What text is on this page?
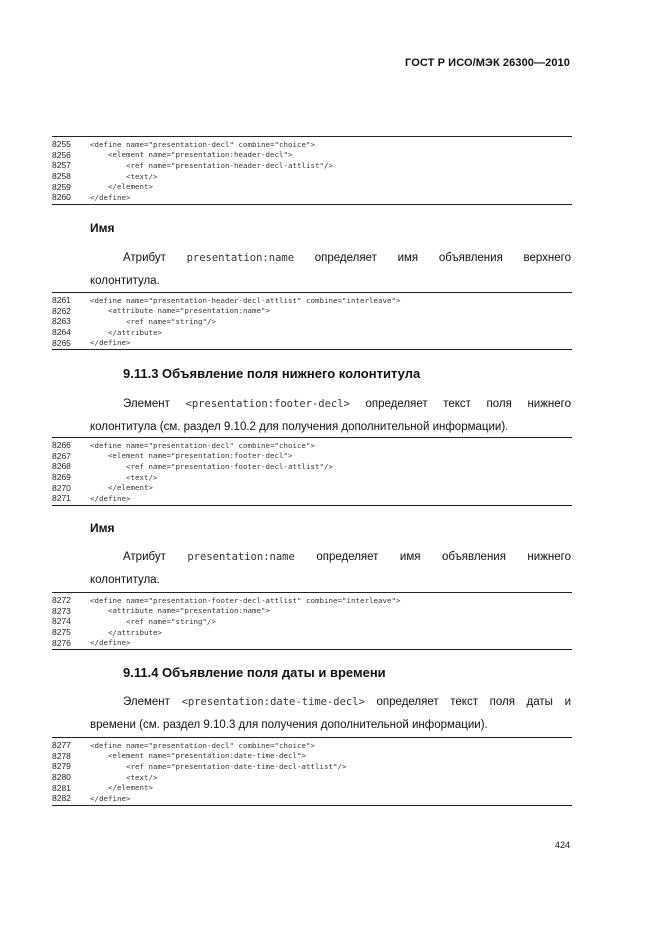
ГОСТ Р ИСО/МЭК 26300—2010
8255	<define name="presentation-decl" combine="choice">
8256	<element name="presentation:header-decl">
8257	<ref name="presentation-header-decl-attlist"/>
8258	<text/>
8259	</element>
8260	</define>
Имя
Атрибут presentation:name определяет имя объявления верхнего
колонтитула.
8261	<define name="presentation-header-decl-attlist" combine="interleave">
8262	<attribute name="presentation:name">
8263	<ref name="string"/>
8264	</attribute>
8265	</define>
9.11.3 Объявление поля нижнего колонтитула
Элемент <presentation:footer-decl> определяет текст поля нижнего
колонтитула (см. раздел 9.10.2 для получения дополнительной информации).
8266	<define name="presentation-decl" combine="choice">
8267	<element name="presentation:footer-decl">
8268	<ref name="presentation-footer-decl-attlist"/>
8269	<text/>
8270	</element>
8271	</define>
Имя
Атрибут presentation:name определяет имя объявления нижнего
колонтитула.
8272	<define name="presentation-footer-decl-attlist" combine="interleave">
8273	<attribute name="presentation:name">
8274	<ref name="string"/>
8275	</attribute>
8276	</define>
9.11.4 Объявление поля даты и времени
Элемент <presentation:date-time-decl> определяет текст поля даты и
времени (см. раздел 9.10.3 для получения дополнительной информации).
8277	<define name="presentation-decl" combine="choice">
8278	<element name="presentation:date-time-decl">
8279	<ref name="presentation-date-time-decl-attlist"/>
8280	<text/>
8281	</element>
8282	</define>
424
